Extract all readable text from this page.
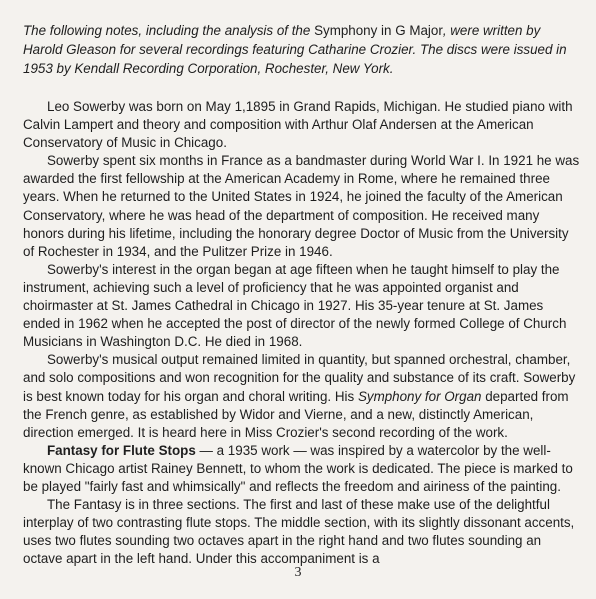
The following notes, including the analysis of the Symphony in G Major, were written by Harold Gleason for several recordings featuring Catharine Crozier. The discs were issued in 1953 by Kendall Recording Corporation, Rochester, New York.

Leo Sowerby was born on May 1,1895 in Grand Rapids, Michigan. He studied piano with Calvin Lampert and theory and composition with Arthur Olaf Andersen at the American Conservatory of Music in Chicago.

Sowerby spent six months in France as a bandmaster during World War I. In 1921 he was awarded the first fellowship at the American Academy in Rome, where he remained three years. When he returned to the United States in 1924, he joined the faculty of the American Conservatory, where he was head of the department of composition. He received many honors during his lifetime, including the honorary degree Doctor of Music from the University of Rochester in 1934, and the Pulitzer Prize in 1946.

Sowerby's interest in the organ began at age fifteen when he taught himself to play the instrument, achieving such a level of proficiency that he was appointed organist and choirmaster at St. James Cathedral in Chicago in 1927. His 35-year tenure at St. James ended in 1962 when he accepted the post of director of the newly formed College of Church Musicians in Washington D.C. He died in 1968.

Sowerby's musical output remained limited in quantity, but spanned orchestral, chamber, and solo compositions and won recognition for the quality and substance of its craft. Sowerby is best known today for his organ and choral writing. His Symphony for Organ departed from the French genre, as established by Widor and Vierne, and a new, distinctly American, direction emerged. It is heard here in Miss Crozier's second recording of the work.

Fantasy for Flute Stops — a 1935 work — was inspired by a watercolor by the well-known Chicago artist Rainey Bennett, to whom the work is dedicated. The piece is marked to be played "fairly fast and whimsically" and reflects the freedom and airiness of the painting.

The Fantasy is in three sections. The first and last of these make use of the delightful interplay of two contrasting flute stops. The middle section, with its slightly dissonant accents, uses two flutes sounding two octaves apart in the right hand and two flutes sounding an octave apart in the left hand. Under this accompaniment is a

3
